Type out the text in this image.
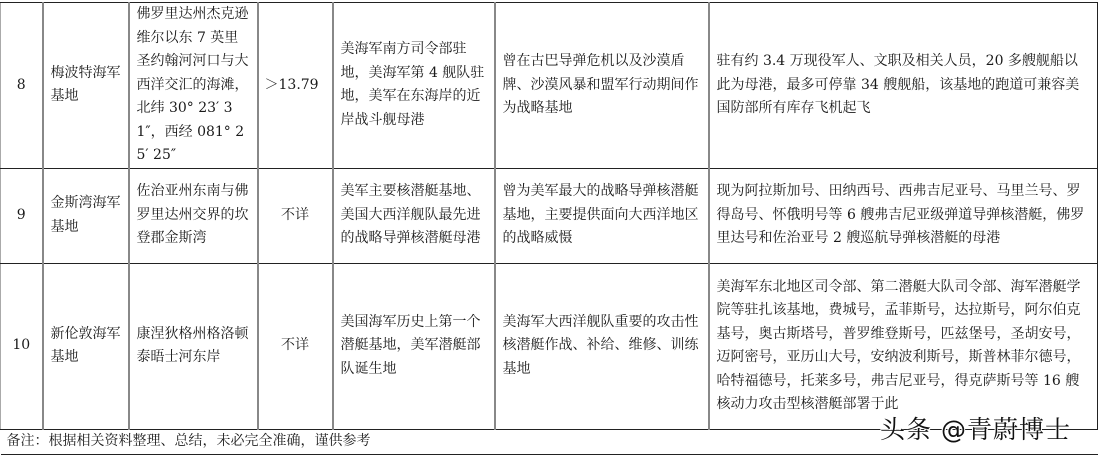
8	梅波特海军基地	佛罗里达州杰克逊维尔以东 7 英里圣约翰河河口与大西洋交汇的海滩，北纬 30° 23′ 31″，西经 081° 25′ 25″	＞13.79	美海军南方司令部驻地，美海军第 4 舰队驻地，美军在东海岸的近岸战斗舰母港	曾在古巴导弹危机以及沙漠盾牌、沙漠风暴和盟军行动期间作为战略基地	驻有约 3.4 万现役军人、文职及相关人员，20 多艘舰船以此为母港，最多可停靠 34 艘舰船，该基地的跑道可兼容美国防部所有库存飞机起飞
9	金斯湾海军基地	佐治亚州东南与佛罗里达州交界的坎登郡金斯湾	不详	美军主要核潜艇基地、美国大西洋舰队最先进的战略导弹核潜艇母港	曾为美军最大的战略导弹核潜艇基地，主要提供面向大西洋地区的战略威慑	现为阿拉斯加号、田纳西号、西弗吉尼亚号、马里兰号、罗得岛号、怀俄明号等 6 艘弗吉尼亚级弹道导弹核潜艇，佛罗里达号和佐治亚号 2 艘巡航导弹核潜艇的母港
10	新伦敦海军基地	康涅狄格州格洛顿泰晤士河东岸	不详	美国海军历史上第一个潜艇基地，美军潜艇部队诞生地	美海军大西洋舰队重要的攻击性核潜艇作战、补给、维修、训练基地	美海军东北地区司令部、第二潜艇大队司令部、海军潜艇学院等驻扎该基地，费城号，孟菲斯号，达拉斯号，阿尔伯克基号，奥古斯塔号，普罗维登斯号，匹兹堡号，圣胡安号，迈阿密号，亚历山大号，安纳波利斯号，斯普林菲尔德号，哈特福德号，托莱多号，弗吉尼亚号，得克萨斯号等 16 艘核动力攻击型核潜艇部署于此
备注：根据相关资料整理、总结，未必完全准确，谨供参考							头条 @青蔚博士
